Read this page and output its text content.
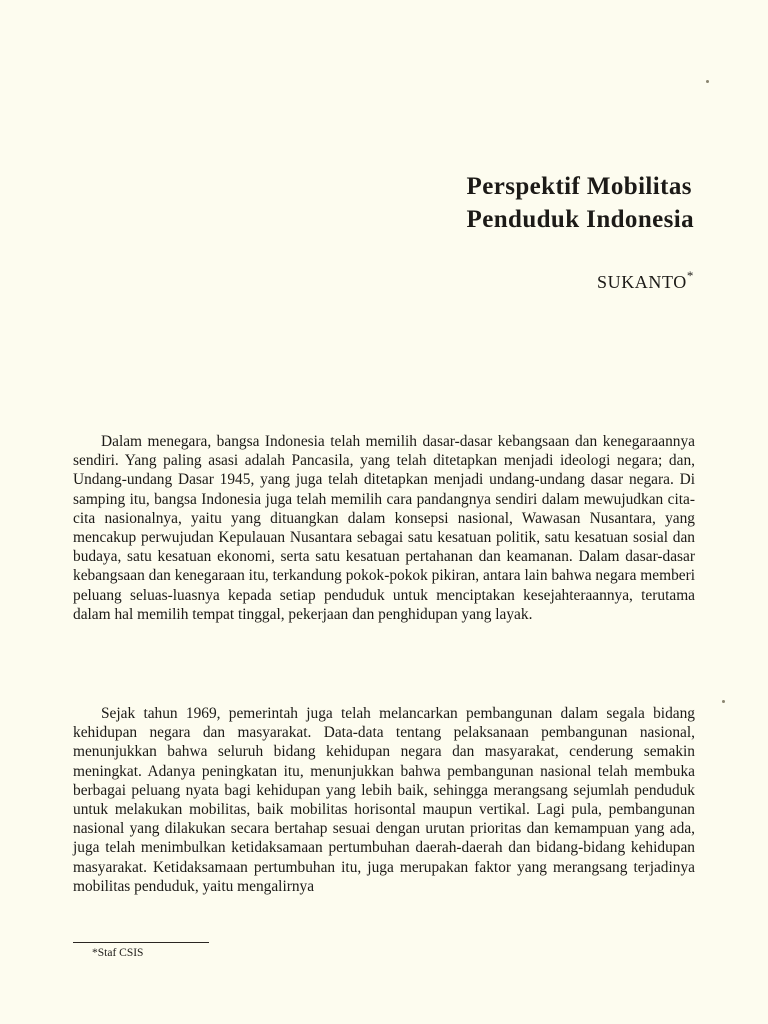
Perspektif Mobilitas
Penduduk Indonesia
SUKANTO*

Dalam menegara, bangsa Indonesia telah memilih dasar-dasar kebangsaan dan kenegaraannya sendiri. Yang paling asasi adalah Pancasila, yang telah ditetapkan menjadi ideologi negara; dan, Undang-undang Dasar 1945, yang juga telah ditetapkan menjadi undang-undang dasar negara. Di samping itu, bangsa Indonesia juga telah memilih cara pandangnya sendiri dalam mewujudkan cita-cita nasionalnya, yaitu yang dituangkan dalam konsepsi nasional, Wawasan Nusantara, yang mencakup perwujudan Kepulauan Nusantara sebagai satu kesatuan politik, satu kesatuan sosial dan budaya, satu kesatuan ekonomi, serta satu kesatuan pertahanan dan keamanan. Dalam dasar-dasar kebangsaan dan kenegaraan itu, terkandung pokok-pokok pikiran, antara lain bahwa negara memberi peluang seluas-luasnya kepada setiap penduduk untuk menciptakan kesejahteraannya, terutama dalam hal memilih tempat tinggal, pekerjaan dan penghidupan yang layak.

Sejak tahun 1969, pemerintah juga telah melancarkan pembangunan dalam segala bidang kehidupan negara dan masyarakat. Data-data tentang pelaksanaan pembangunan nasional, menunjukkan bahwa seluruh bidang kehidupan negara dan masyarakat, cenderung semakin meningkat. Adanya peningkatan itu, menunjukkan bahwa pembangunan nasional telah membuka berbagai peluang nyata bagi kehidupan yang lebih baik, sehingga merangsang sejumlah penduduk untuk melakukan mobilitas, baik mobilitas horisontal maupun vertikal. Lagi pula, pembangunan nasional yang dilakukan secara bertahap sesuai dengan urutan prioritas dan kemampuan yang ada, juga telah menimbulkan ketidaksamaan pertumbuhan daerah-daerah dan bidang-bidang kehidupan masyarakat. Ketidaksamaan pertumbuhan itu, juga merupakan faktor yang merangsang terjadinya mobilitas penduduk, yaitu mengalirnya

*Staf CSIS
